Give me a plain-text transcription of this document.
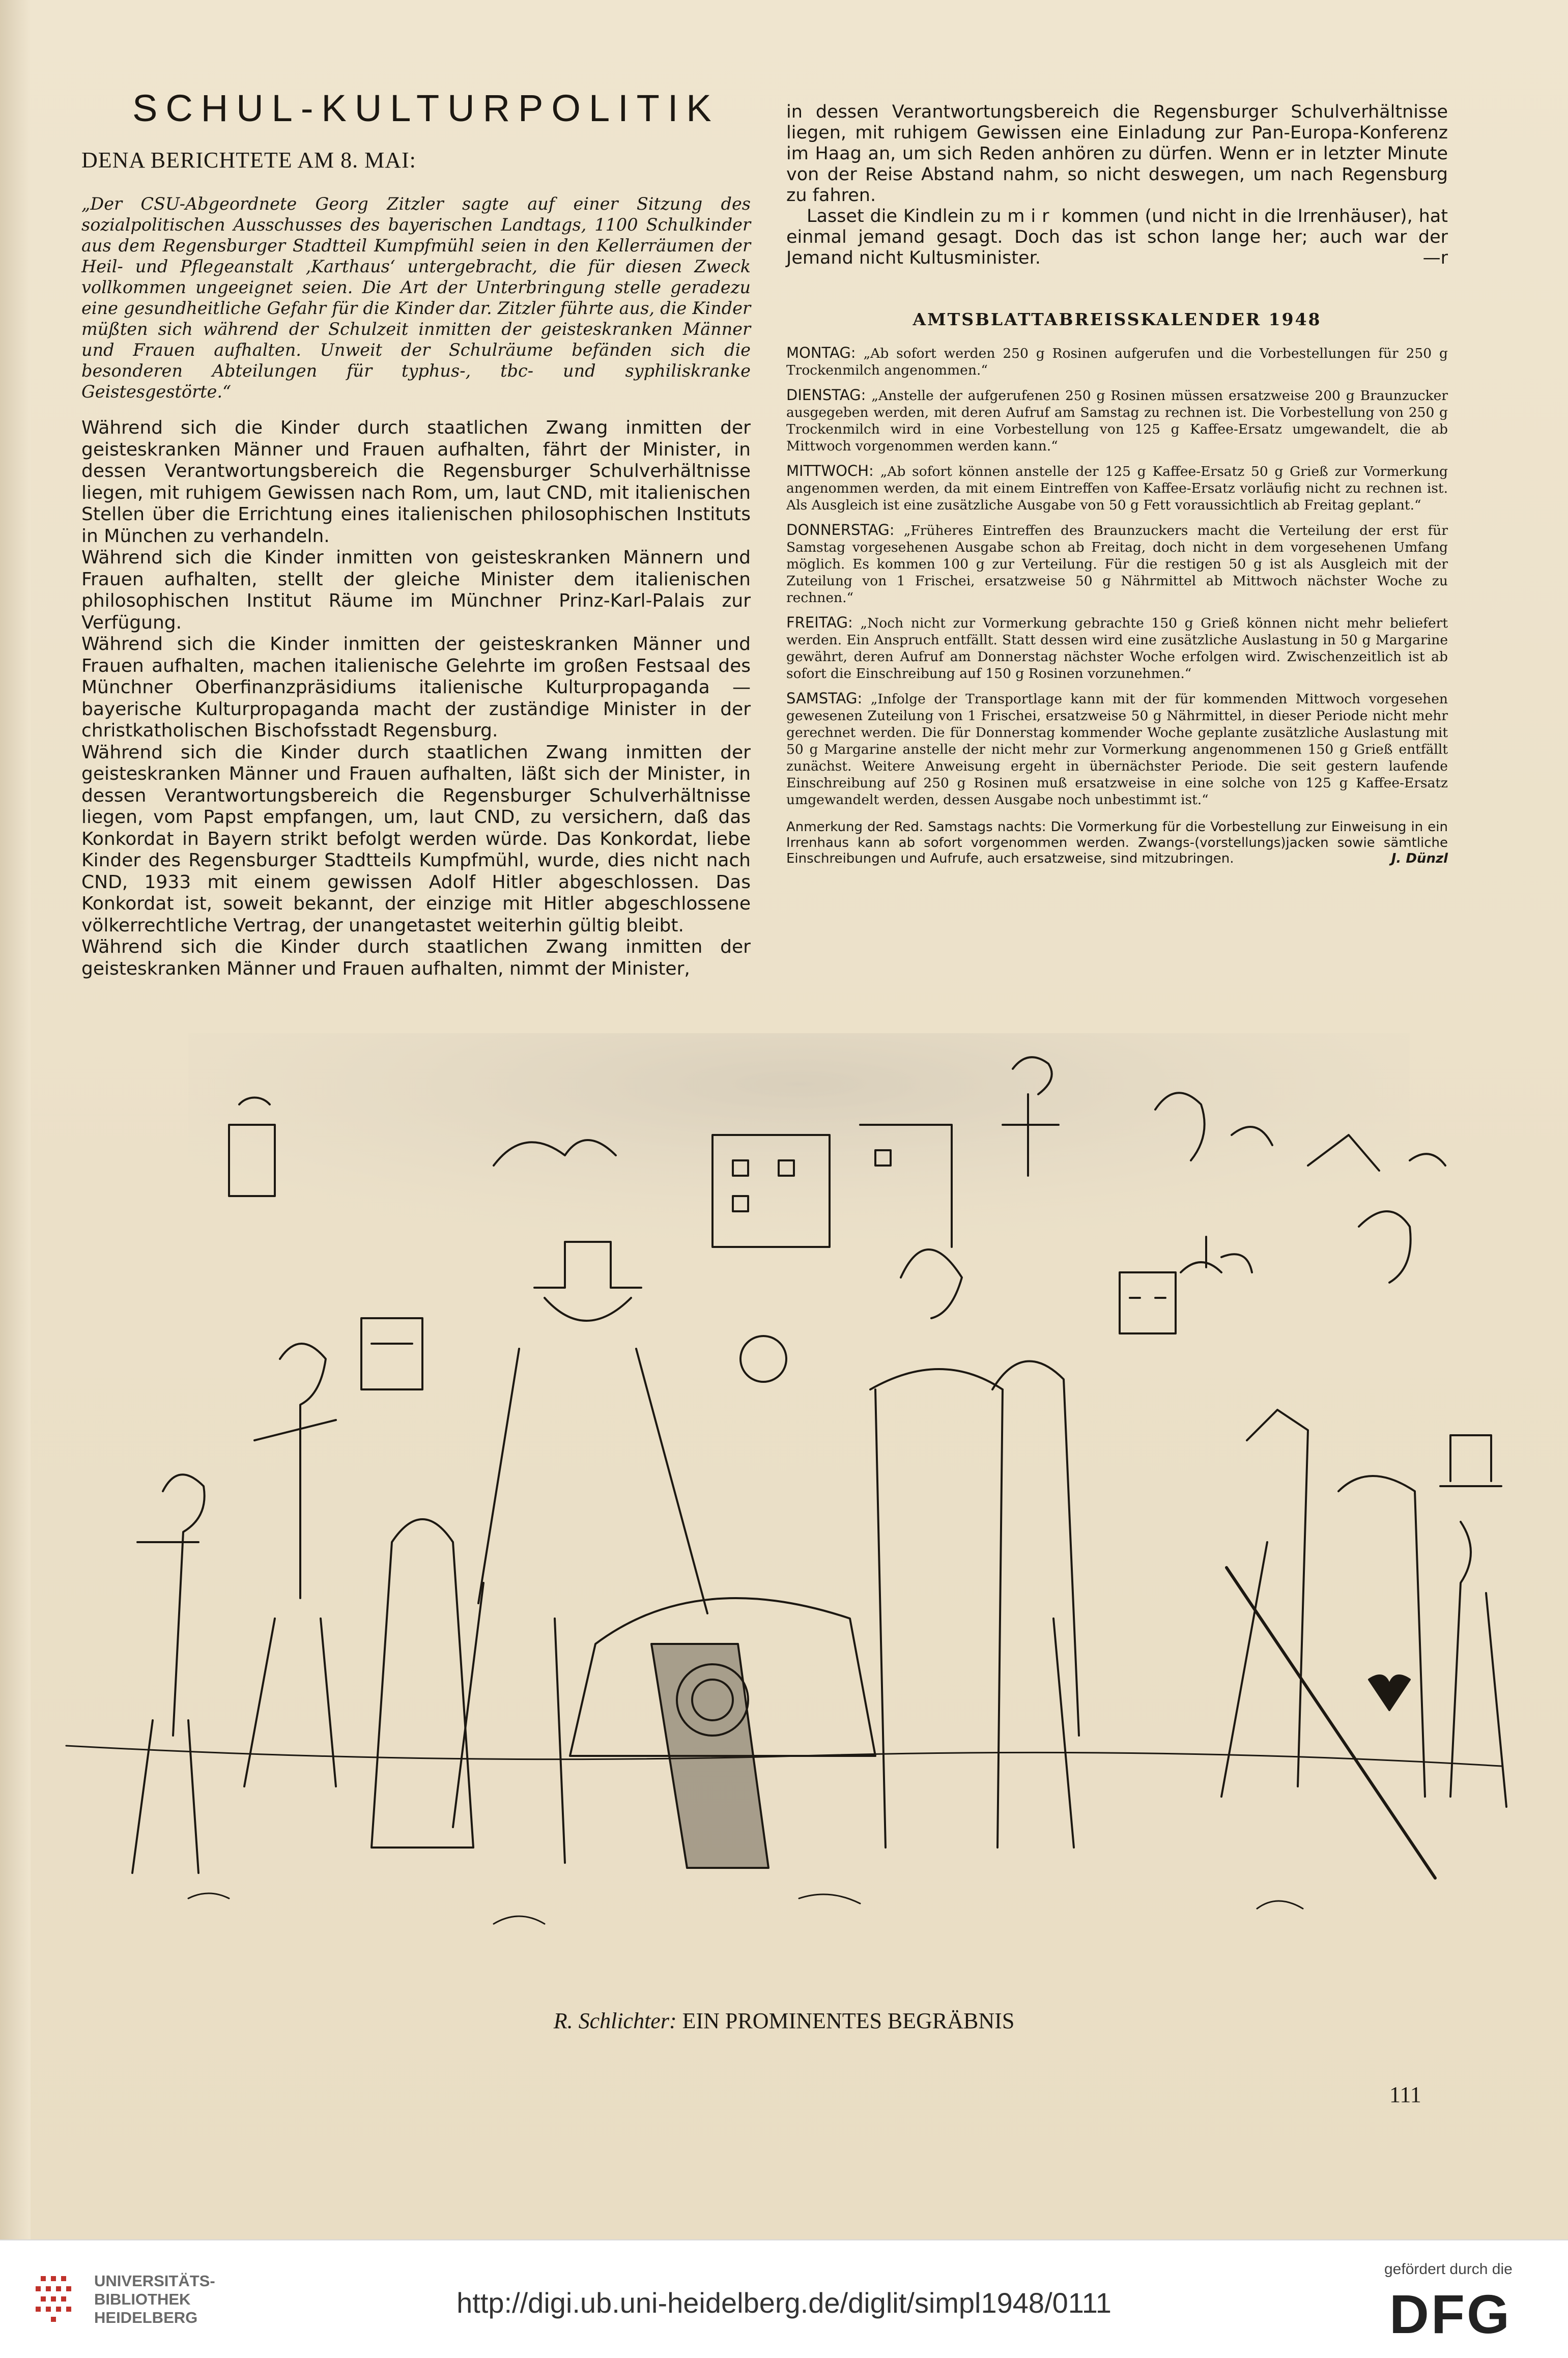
SCHUL-KULTURPOLITIK
DENA BERICHTETE AM 8. MAI:

„Der CSU-Abgeordnete Georg Zitzler sagte auf einer Sitzung des sozialpolitischen Ausschusses des bayerischen Landtags, 1100 Schulkinder aus dem Regensburger Stadtteil Kumpfmühl seien in den Kellerräumen der Heil- und Pflegeanstalt ‚Karthaus‘ untergebracht, die für diesen Zweck vollkommen ungeeignet seien. Die Art der Unterbringung stelle geradezu eine gesundheitliche Gefahr für die Kinder dar. Zitzler führte aus, die Kinder müßten sich während der Schulzeit inmitten der geisteskranken Männer und Frauen aufhalten. Unweit der Schulräume befänden sich die besonderen Abteilungen für typhus-, tbc- und syphiliskranke Geistesgestörte.“

Während sich die Kinder durch staatlichen Zwang inmitten der geisteskranken Männer und Frauen aufhalten, fährt der Minister, in dessen Verantwortungsbereich die Regensburger Schulverhältnisse liegen, mit ruhigem Gewissen nach Rom, um, laut CND, mit italienischen Stellen über die Errichtung eines italienischen philosophischen Instituts in München zu verhandeln.

Während sich die Kinder inmitten von geisteskranken Männern und Frauen aufhalten, stellt der gleiche Minister dem italienischen philosophischen Institut Räume im Münchner Prinz-Karl-Palais zur Verfügung.

Während sich die Kinder inmitten der geisteskranken Männer und Frauen aufhalten, machen italienische Gelehrte im großen Festsaal des Münchner Oberfinanzpräsidiums italienische Kulturpropaganda — bayerische Kulturpropaganda macht der zuständige Minister in der christkatholischen Bischofsstadt Regensburg.

Während sich die Kinder durch staatlichen Zwang inmitten der geisteskranken Männer und Frauen aufhalten, läßt sich der Minister, in dessen Verantwortungsbereich die Regensburger Schulverhältnisse liegen, vom Papst empfangen, um, laut CND, zu versichern, daß das Konkordat in Bayern strikt befolgt werden würde. Das Konkordat, liebe Kinder des Regensburger Stadtteils Kumpfmühl, wurde, dies nicht nach CND, 1933 mit einem gewissen Adolf Hitler abgeschlossen. Das Konkordat ist, soweit bekannt, der einzige mit Hitler abgeschlossene völkerrechtliche Vertrag, der unangetastet weiterhin gültig bleibt.

Während sich die Kinder durch staatlichen Zwang inmitten der geisteskranken Männer und Frauen aufhalten, nimmt der Minister,

in dessen Verantwortungsbereich die Regensburger Schulverhältnisse liegen, mit ruhigem Gewissen eine Einladung zur Pan-Europa-Konferenz im Haag an, um sich Reden anhören zu dürfen. Wenn er in letzter Minute von der Reise Abstand nahm, so nicht deswegen, um nach Regensburg zu fahren.

Lasset die Kindlein zu mir kommen (und nicht in die Irrenhäuser), hat einmal jemand gesagt. Doch das ist schon lange her; auch war der Jemand nicht Kultusminister.	—r

AMTSBLATTABREISSKALENDER 1948
MONTAG: „Ab sofort werden 250 g Rosinen aufgerufen und die Vorbestellungen für 250 g Trockenmilch angenommen.“
DIENSTAG: „Anstelle der aufgerufenen 250 g Rosinen müssen ersatzweise 200 g Braunzucker ausgegeben werden, mit deren Aufruf am Samstag zu rechnen ist. Die Vorbestellung von 250 g Trockenmilch wird in eine Vorbestellung von 125 g Kaffee-Ersatz umgewandelt, die ab Mittwoch vorgenommen werden kann.“
MITTWOCH: „Ab sofort können anstelle der 125 g Kaffee-Ersatz 50 g Grieß zur Vormerkung angenommen werden, da mit einem Eintreffen von Kaffee-Ersatz vorläufig nicht zu rechnen ist. Als Ausgleich ist eine zusätzliche Ausgabe von 50 g Fett voraussichtlich ab Freitag geplant.“
DONNERSTAG: „Früheres Eintreffen des Braunzuckers macht die Verteilung der erst für Samstag vorgesehenen Ausgabe schon ab Freitag, doch nicht in dem vorgesehenen Umfang möglich. Es kommen 100 g zur Verteilung. Für die restigen 50 g ist als Ausgleich mit der Zuteilung von 1 Frischei, ersatzweise 50 g Nährmittel ab Mittwoch nächster Woche zu rechnen.“
FREITAG: „Noch nicht zur Vormerkung gebrachte 150 g Grieß können nicht mehr beliefert werden. Ein Anspruch entfällt. Statt dessen wird eine zusätzliche Auslastung in 50 g Margarine gewährt, deren Aufruf am Donnerstag nächster Woche erfolgen wird. Zwischenzeitlich ist ab sofort die Einschreibung auf 150 g Rosinen vorzunehmen.“
SAMSTAG: „Infolge der Transportlage kann mit der für kommenden Mittwoch vorgesehen gewesenen Zuteilung von 1 Frischei, ersatzweise 50 g Nährmittel, in dieser Periode nicht mehr gerechnet werden. Die für Donnerstag kommender Woche geplante zusätzliche Auslastung mit 50 g Margarine anstelle der nicht mehr zur Vormerkung angenommenen 150 g Grieß entfällt zunächst. Weitere Anweisung ergeht in übernächster Periode. Die seit gestern laufende Einschreibung auf 250 g Rosinen muß ersatzweise in eine solche von 125 g Kaffee-Ersatz umgewandelt werden, dessen Ausgabe noch unbestimmt ist.“
Anmerkung der Red. Samstags nachts: Die Vormerkung für die Vorbestellung zur Einweisung in ein Irrenhaus kann ab sofort vorgenommen werden. Zwangs-(vorstellungs)jacken sowie sämtliche Einschreibungen und Aufrufe, auch ersatzweise, sind mitzubringen.	J. Dünzl
R. Schlichter: EIN PROMINENTES BEGRÄBNIS
111
UNIVERSITÄTS-
BIBLIOTHEK
HEIDELBERG	http://digi.ub.uni-heidelberg.de/diglit/simpl1948/0111
gefördert durch die
DFG
